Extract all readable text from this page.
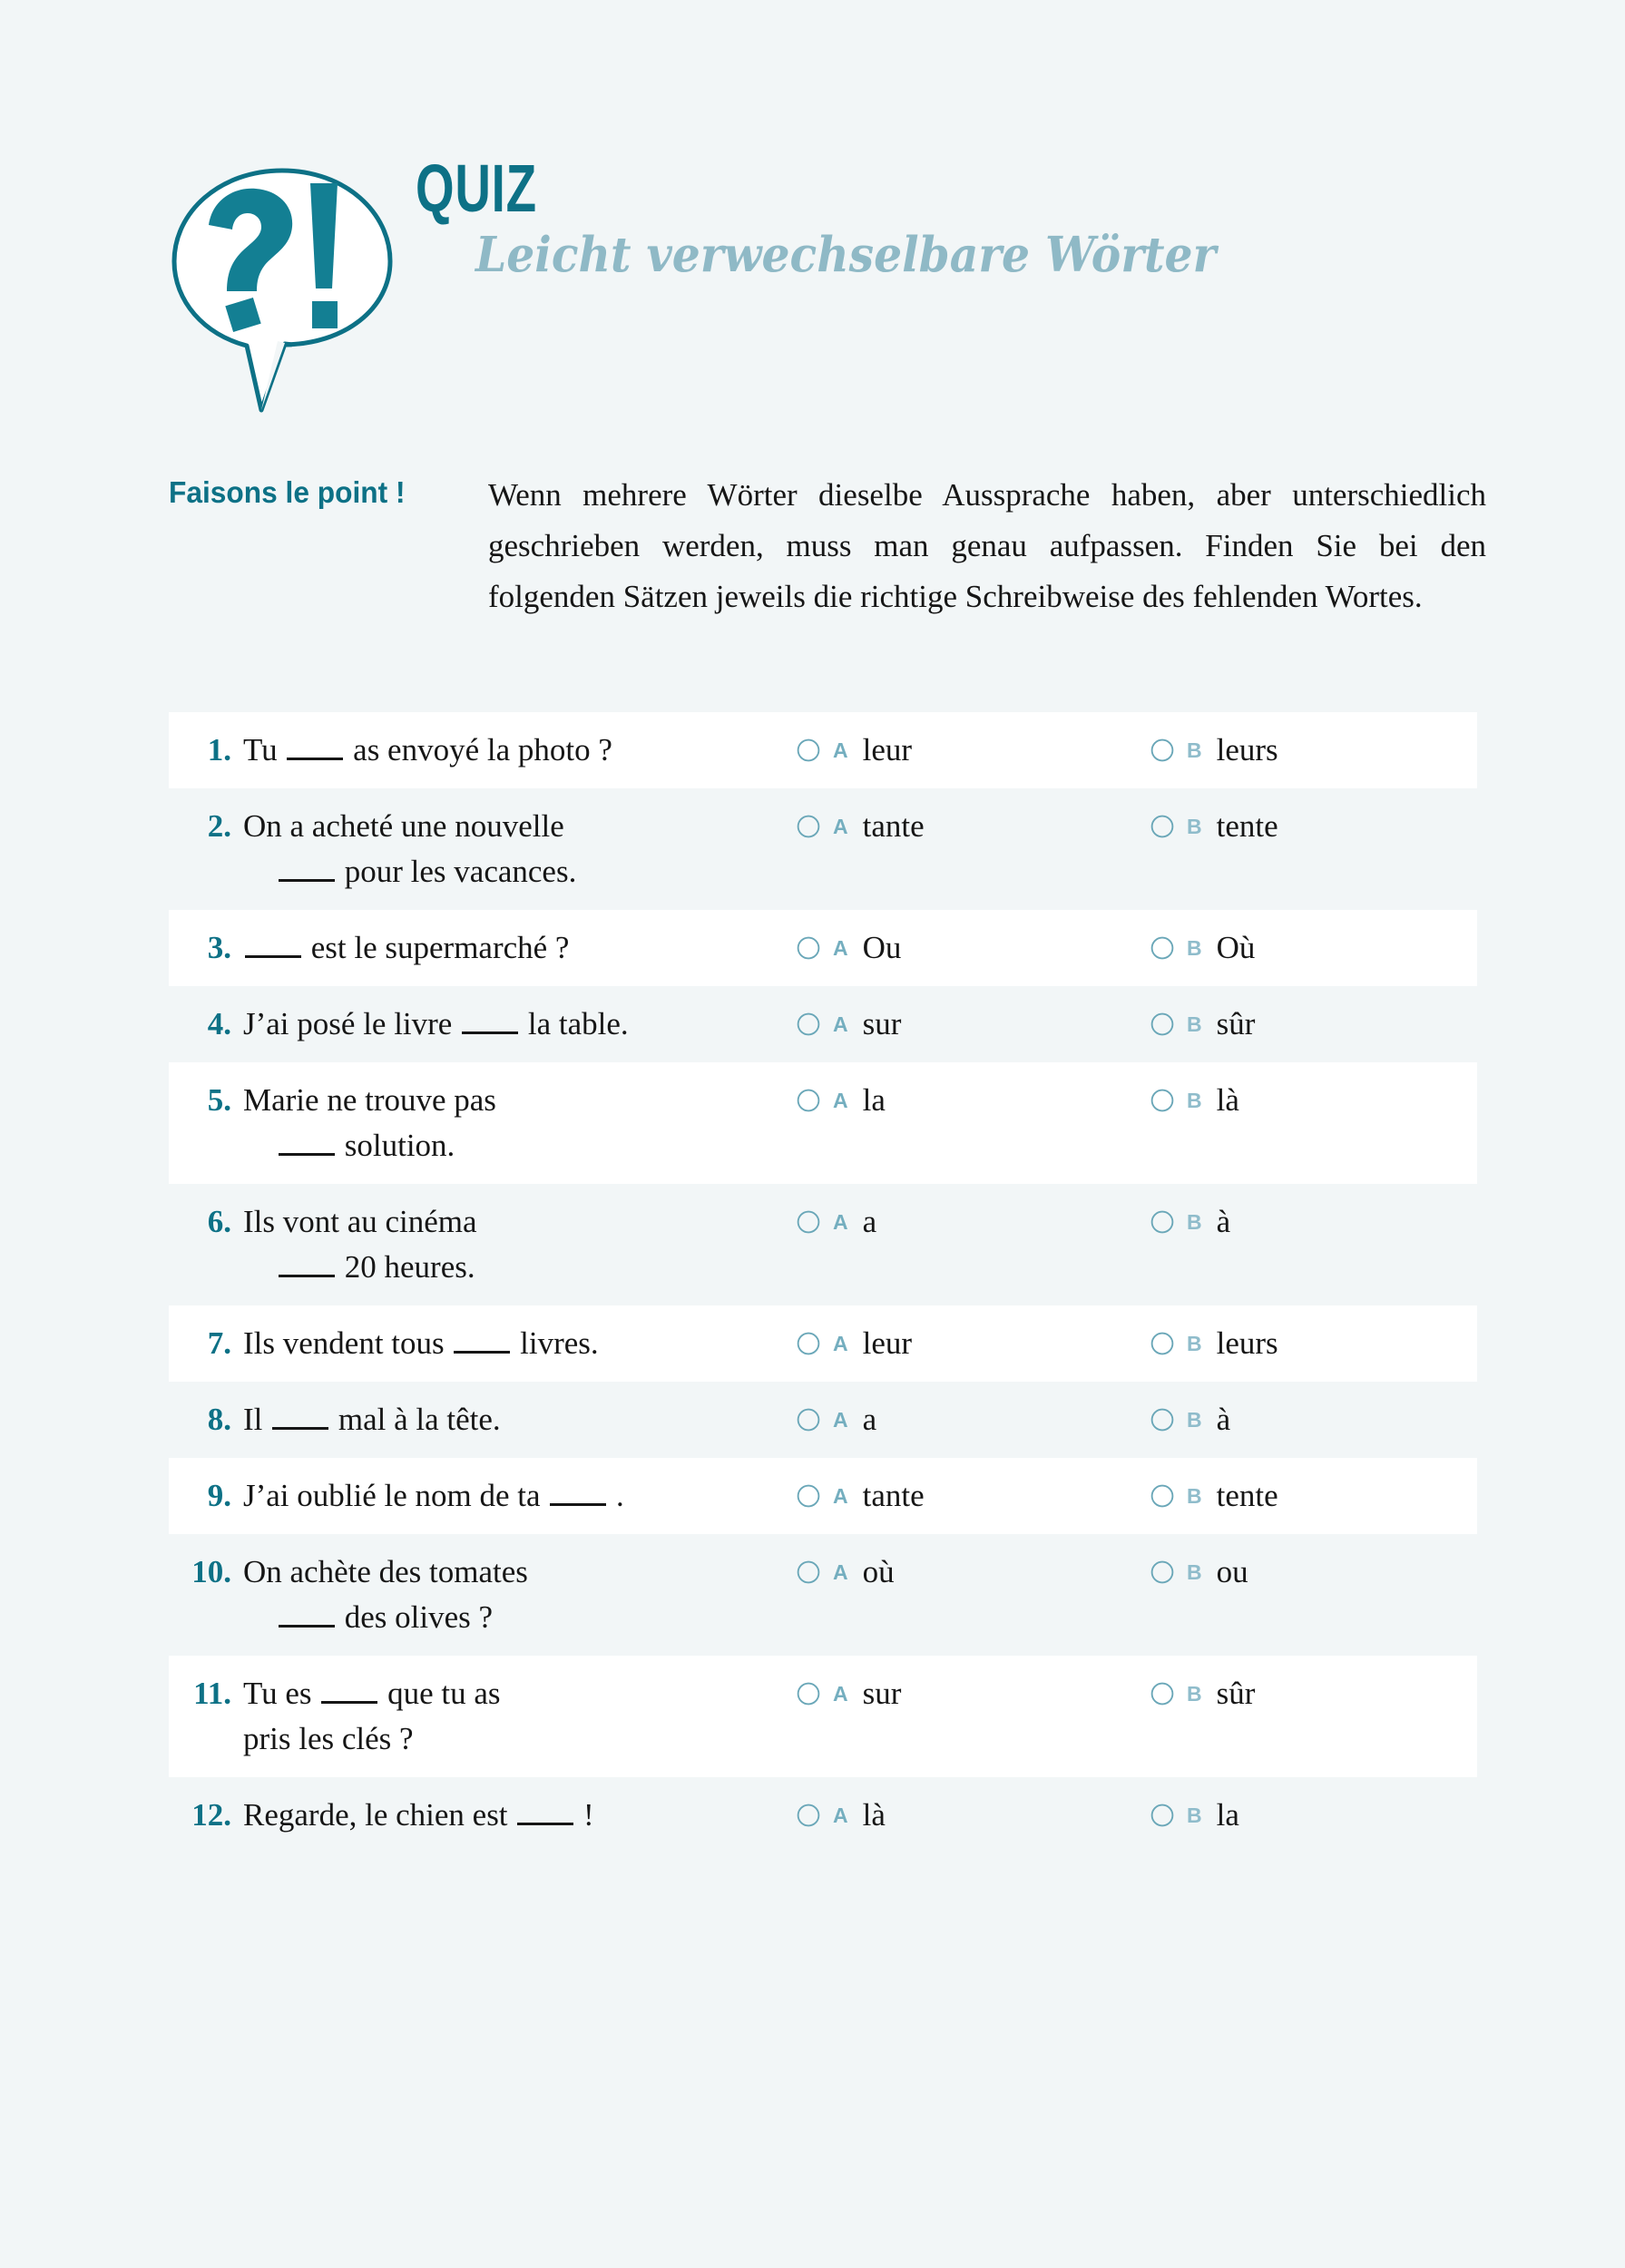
QUIZ
Leicht verwechselbare Wörter
Faisons le point !	Wenn mehrere Wörter dieselbe Aussprache haben, aber unterschiedlich geschrieben werden, muss man genau aufpassen. Finden Sie bei den folgenden Sätzen jeweils die richtige Schreibweise des fehlenden Wortes.
1. Tu  as envoyé la photo ?	A leur	B leurs
2. On a acheté une nouvelle
pour les vacances.
A tante	B tente
3.	est le supermarché ?	A Ou	B Où
4. J’ai posé le livre  la table.	A sur	B sûr
5. Marie ne trouve pas
solution.
A la	B là
6. Ils vont au cinéma
20 heures.
A a	B à
7. Ils vendent tous  livres.	A leur	B leurs
8. Il  mal à la tête.	A a	B à
9. J’ai oublié le nom de ta  .	A tante	B tente
10. On achète des tomates
des olives ?
A où	B ou
11. Tu es  que tu as
pris les clés ?
A sur	B sûr
12. Regarde, le chien est  !	A là	B la
